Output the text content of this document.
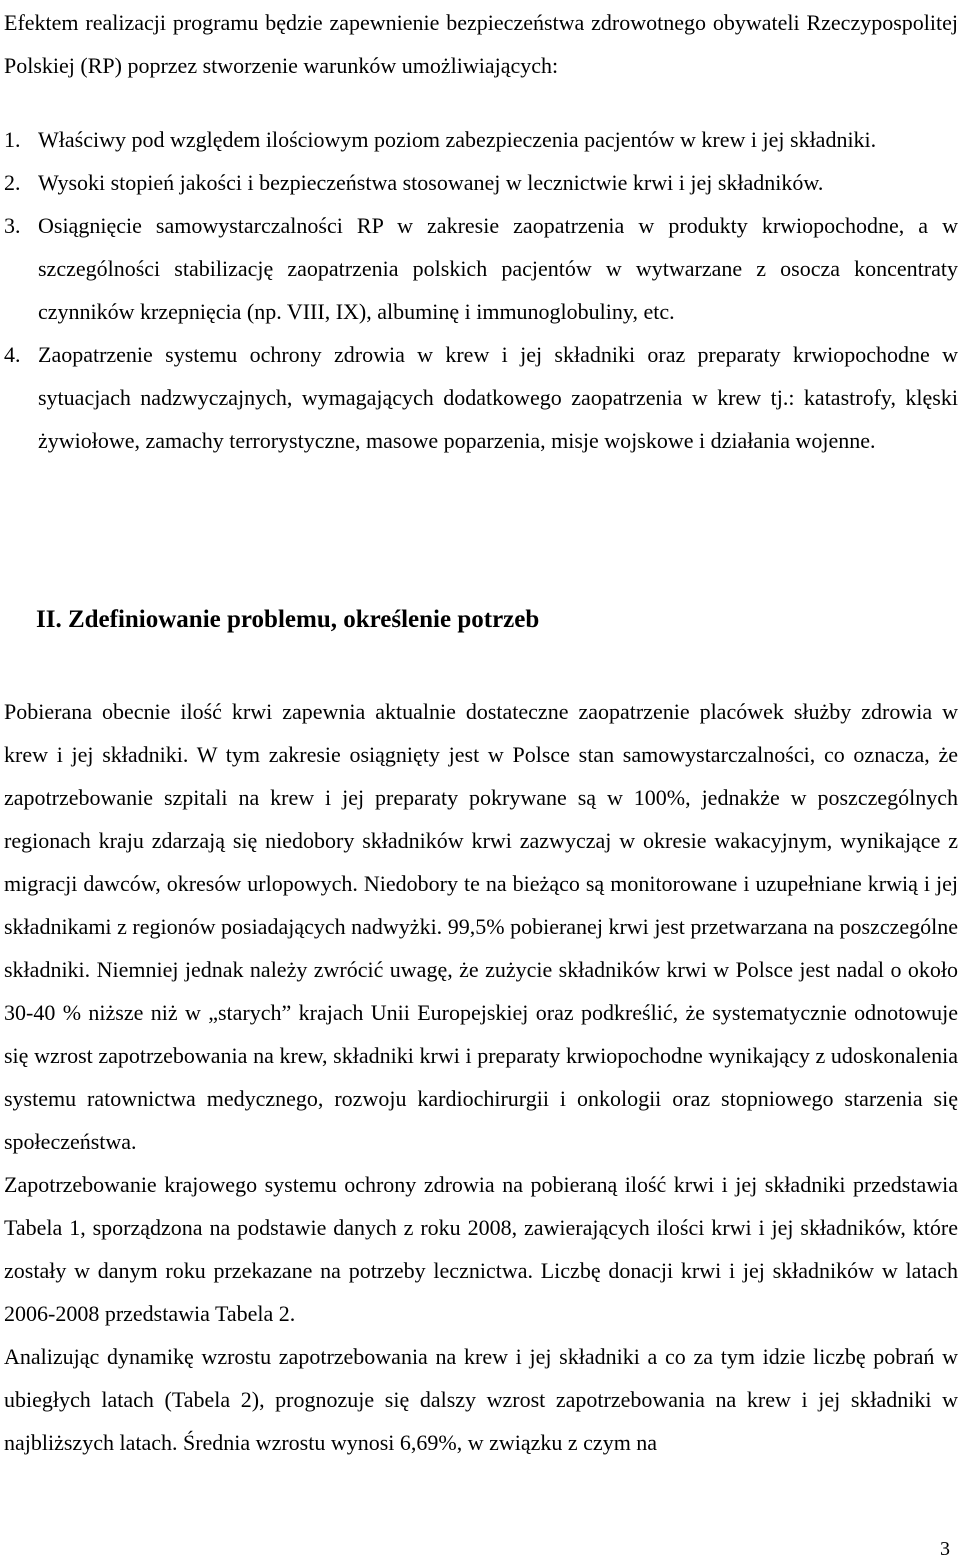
Efektem realizacji programu będzie zapewnienie bezpieczeństwa zdrowotnego obywateli Rzeczypospolitej Polskiej (RP) poprzez stworzenie warunków umożliwiających:

1. Właściwy pod względem ilościowym poziom zabezpieczenia pacjentów w krew i jej składniki.
2. Wysoki stopień jakości i bezpieczeństwa stosowanej w lecznictwie krwi i jej składników.
3. Osiągnięcie samowystarczalności RP w zakresie zaopatrzenia w produkty krwiopochodne, a w szczególności stabilizację zaopatrzenia polskich pacjentów w wytwarzane z osocza koncentraty czynników krzepnięcia (np. VIII, IX), albuminę i immunoglobuliny, etc.
4. Zaopatrzenie systemu ochrony zdrowia w krew i jej składniki oraz preparaty krwiopochodne w sytuacjach nadzwyczajnych, wymagających dodatkowego zaopatrzenia w krew tj.: katastrofy, klęski żywiołowe, zamachy terrorystyczne, masowe poparzenia, misje wojskowe i działania wojenne.
II. Zdefiniowanie problemu, określenie potrzeb

Pobierana obecnie ilość krwi zapewnia aktualnie dostateczne zaopatrzenie placówek służby zdrowia w krew i jej składniki. W tym zakresie osiągnięty jest w Polsce stan samowystarczalności, co oznacza, że zapotrzebowanie szpitali na krew i jej preparaty pokrywane są w 100%, jednakże w poszczególnych regionach kraju zdarzają się niedobory składników krwi zazwyczaj w okresie wakacyjnym, wynikające z migracji dawców, okresów urlopowych. Niedobory te na bieżąco są monitorowane i uzupełniane krwią i jej składnikami z regionów posiadających nadwyżki. 99,5% pobieranej krwi jest przetwarzana na poszczególne składniki. Niemniej jednak należy zwrócić uwagę, że zużycie składników krwi w Polsce jest nadal o około 30-40 % niższe niż w „starych” krajach Unii Europejskiej oraz podkreślić, że systematycznie odnotowuje się wzrost zapotrzebowania na krew, składniki krwi i preparaty krwiopochodne wynikający z udoskonalenia systemu ratownictwa medycznego, rozwoju kardiochirurgii i onkologii oraz stopniowego starzenia się społeczeństwa.

Zapotrzebowanie krajowego systemu ochrony zdrowia na pobieraną ilość krwi i jej składniki przedstawia Tabela 1, sporządzona na podstawie danych z roku 2008, zawierających ilości krwi i jej składników, które zostały w danym roku przekazane na potrzeby lecznictwa. Liczbę donacji krwi i jej składników w latach 2006-2008 przedstawia Tabela 2.

Analizując dynamikę wzrostu zapotrzebowania na krew i jej składniki a co za tym idzie liczbę pobrań w ubiegłych latach (Tabela 2), prognozuje się dalszy wzrost zapotrzebowania na krew i jej składniki w najbliższych latach. Średnia wzrostu wynosi 6,69%, w związku z czym na

3
